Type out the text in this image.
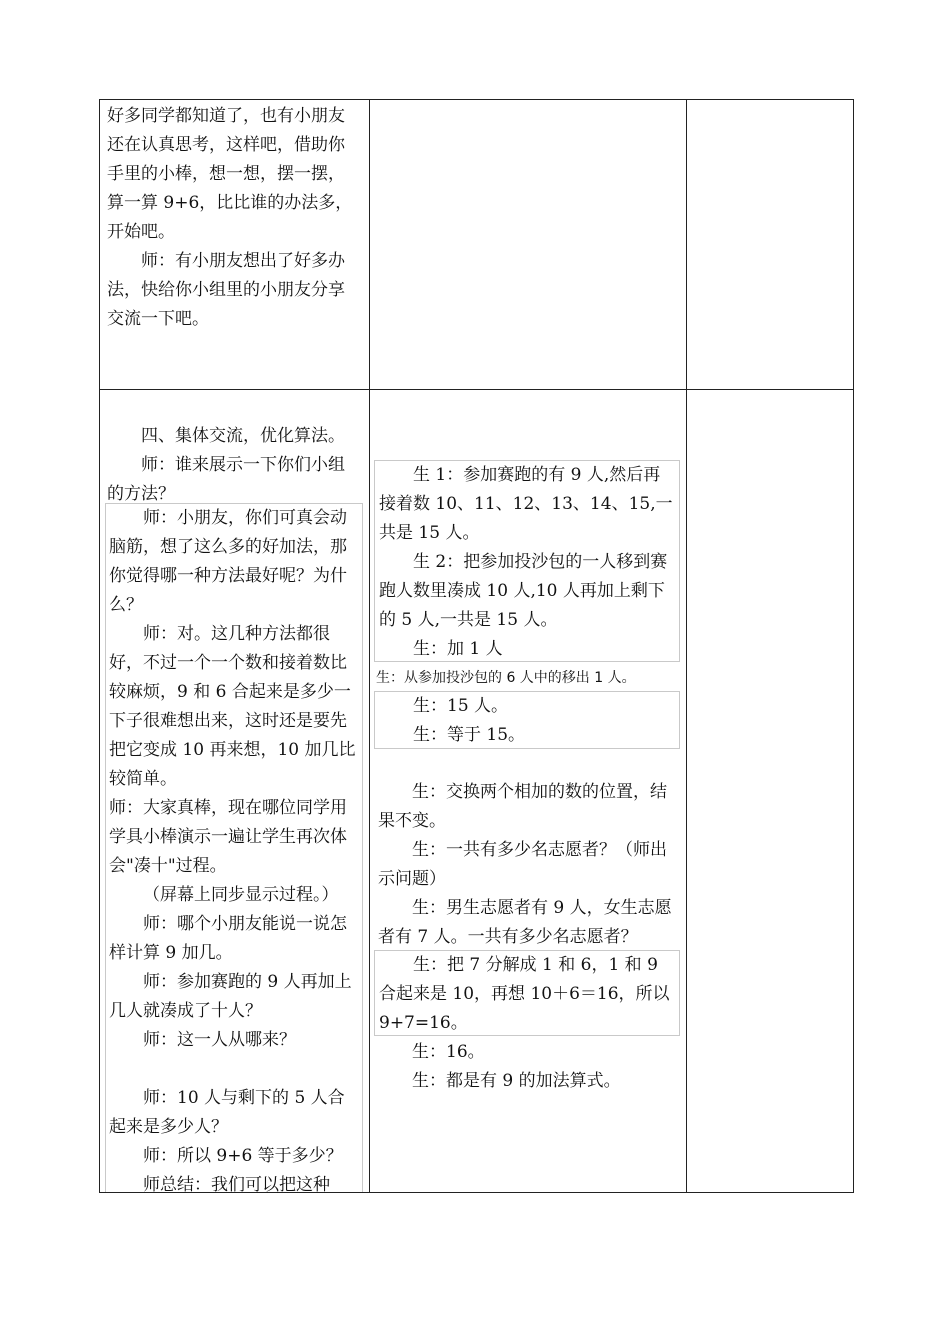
好多同学都知道了，也有小朋友还在认真思考，这样吧，借助你手里的小棒，想一想，摆一摆，算一算 9+6，比比谁的办法多，开始吧。

师：有小朋友想出了好多办法，快给你小组里的小朋友分享交流一下吧。

四、集体交流，优化算法。

师：谁来展示一下你们小组的方法？

师：小朋友，你们可真会动脑筋，想了这么多的好加法，那你觉得哪一种方法最好呢？为什么？

师：对。这几种方法都很好，不过一个一个数和接着数比较麻烦，9 和 6 合起来是多少一下子很难想出来，这时还是要先把它变成 10 再来想，10 加几比较简单。

师：大家真棒，现在哪位同学用学具小棒演示一遍让学生再次体会"凑十"过程。

（屏幕上同步显示过程。）

师：哪个小朋友能说一说怎样计算 9 加几。

师：参加赛跑的 9 人再加上几人就凑成了十人？

师：这一人从哪来？

师：10 人与剩下的 5 人合起来是多少人？

师：所以 9+6 等于多少？

师总结：我们可以把这种

生 1：参加赛跑的有 9 人,然后再接着数 10、11、12、13、14、15,一共是 15 人。

生 2：把参加投沙包的一人移到赛跑人数里凑成 10 人,10 人再加上剩下的 5 人,一共是 15 人。

生：加 1 人

生：从参加投沙包的 6 人中的移出 1 人。

生：15 人。

生：等于 15。

生：交换两个相加的数的位置，结果不变。

生：一共有多少名志愿者？（师出示问题）

生：男生志愿者有 9 人，女生志愿者有 7 人。一共有多少名志愿者？

生：把 7 分解成 1 和 6，1 和 9 合起来是 10，再想 10＋6＝16，所以 9+7=16。

生：16。

生：都是有 9 的加法算式。
